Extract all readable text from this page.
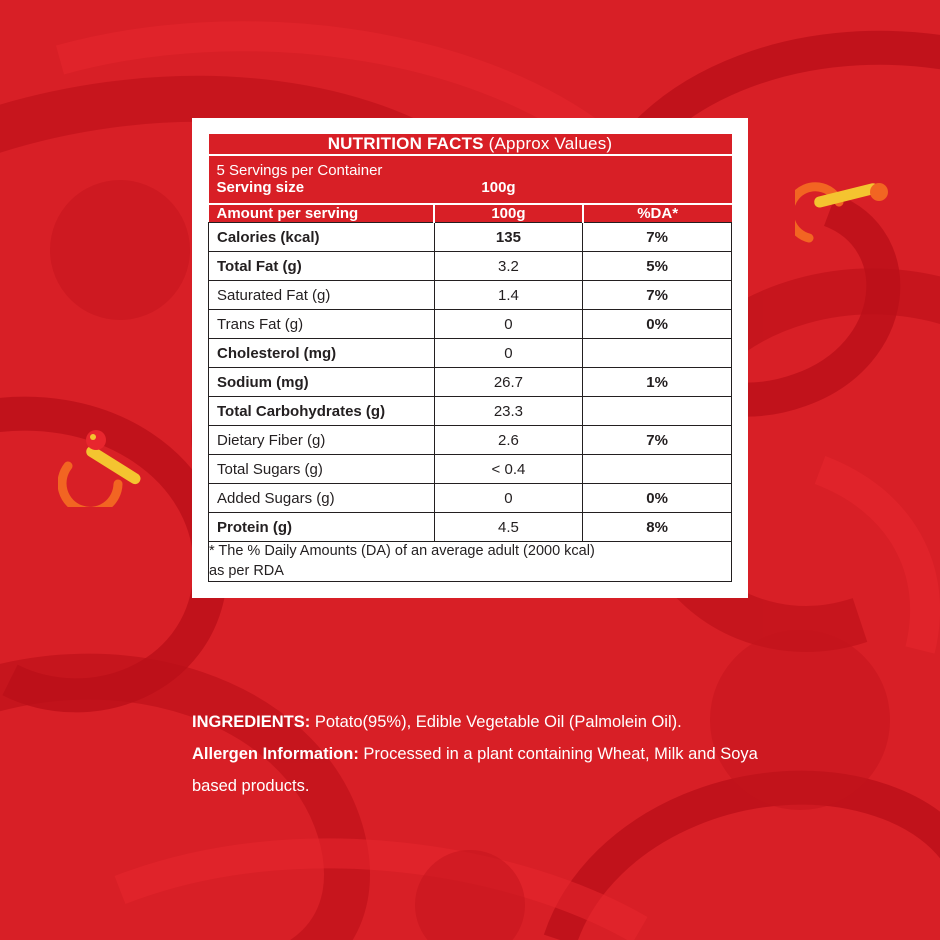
NUTRITION FACTS (Approx Values)		

5 Servings per Container
Serving size 100g		

Amount per serving	100g	%DA*
Calories (kcal)	135	7%
Total Fat (g)	3.2	5%
Saturated Fat (g)	1.4	7%
Trans Fat (g)	0	0%
Cholesterol (mg)	0	
Sodium (mg)	26.7	1%
Total Carbohydrates (g)	23.3	
Dietary Fiber (g)	2.6	7%
Total Sugars (g)	< 0.4	
Added Sugars (g)	0	0%
Protein (g)	4.5	8%

* The % Daily Amounts (DA) of an average adult (2000 kcal)
as per RDA		
INGREDIENTS: Potato(95%), Edible Vegetable Oil (Palmolein Oil).
Allergen Information: Processed in a plant containing Wheat, Milk and Soya based products.
